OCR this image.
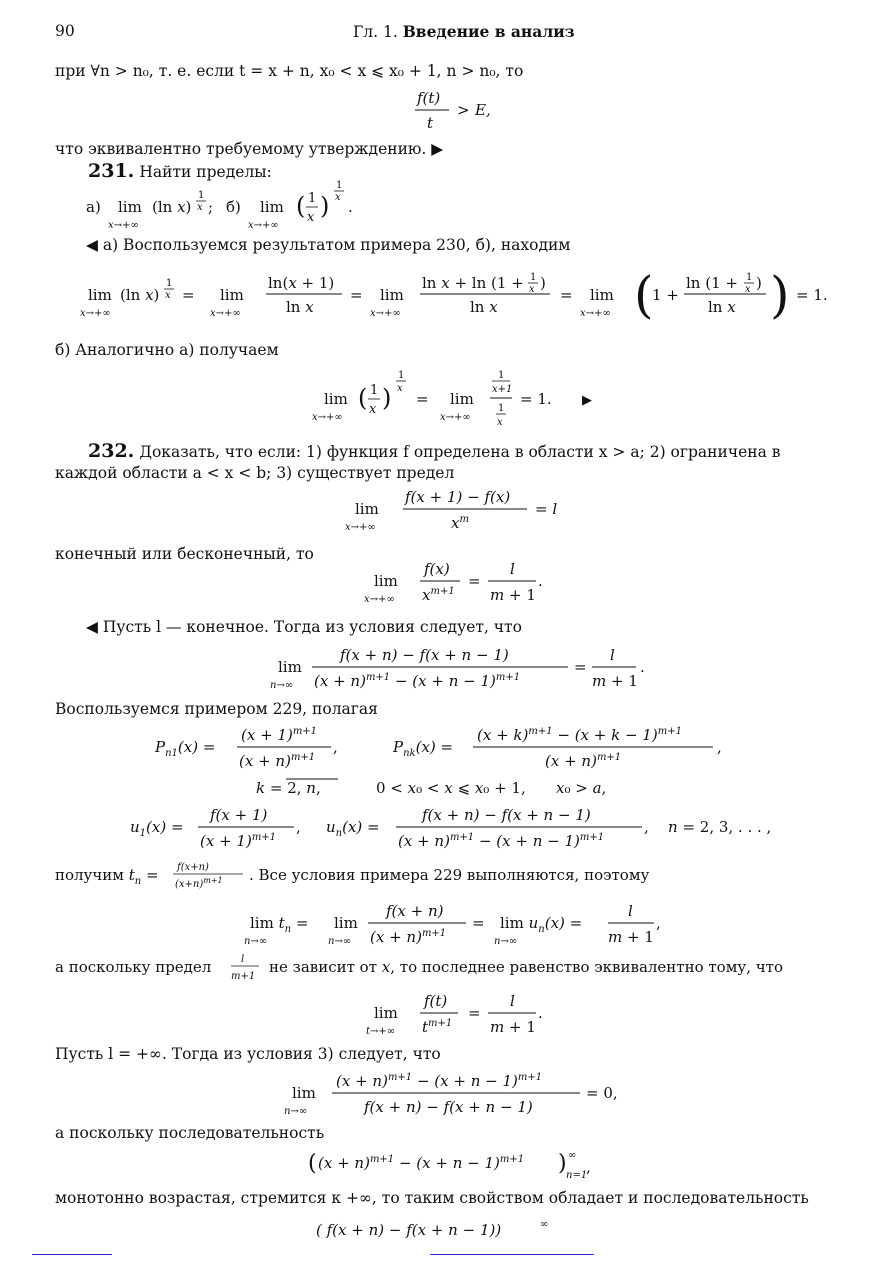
90	Гл. 1. Введение в анализ
при ∀n > n₀, т. е. если t = x + n, x₀ < x ⩽ x₀ + 1, n > n₀, то
f(t)
t
> E,
что эквивалентно требуемому утверждению. ▶
231. Найти пределы:
а) lim
x→+∞
(ln x)
1
x ; б) lim
x→+∞
( 1
x )
1
x
.
◀ а) Воспользуемся результатом примера 230, б), находим
lim
x→+∞
(ln x)
1
x = lim
x→+∞
ln(x + 1)
ln x
= lim
x→+∞
ln x + ln (1 + 1
x )
ln x
= lim
x→+∞ (
1 +
ln (1 + 1
x )
ln x ) = 1.
б) Аналогично а) получаем
lim
x→+∞
( 1
x )
1
x
= lim
x→+∞
1
x+1
1
x
= 1. ▶
232. Доказать, что если: 1) функция f определена в области x > a; 2) ограничена в
каждой области a < x < b; 3) существует предел
lim
x→+∞
f(x + 1) − f(x)
$x^m$
= l
конечный или бесконечный, то
lim
x→+∞
f(x)
$x^{m+1}$
=
l
m + 1
.
◀ Пусть l — конечное. Тогда из условия следует, что
lim
n→∞
f(x + n) − f(x + n − 1)
$(x + n)^{m+1} - (x + n - 1)^{m+1}$
=
l
m + 1
.
Воспользуемся примером 229, полагая
$P_{n1}(x)$ =
$(x + 1)^{m+1}$
$(x + n)^{m+1}$
,	$P_{nk}(x)$ =
$(x + k)^{m+1} - (x + k - 1)^{m+1}$
$(x + n)^{m+1}$
,
k = 2, n,	0 < x₀ < x ⩽ x₀ + 1, x₀ > a,
$u_1(x)$ =
f(x + 1)
$(x + 1)^{m+1}$
, $u_n(x)$ =
f(x + n) − f(x + n − 1)
$(x + n)^{m+1} - (x + n - 1)^{m+1}$
, n = 2, 3, . . . ,
получим $t_n = f(x+n)$
$(x+n)^{m+1}$ . Все условия примера 229 выполняются, поэтому
$\lim t_n$ =
n→∞
lim
n→∞
f(x + n)
$(x + n)^{m+1}$
= $\lim u_n(x)$ =
n→∞
l
m + 1
,
а поскольку предел	l
m+1
не зависит от x, то последнее равенство эквивалентно тому, что
lim
t→+∞
f(t)
$t^{m+1}$
=
l
m + 1
.
Пусть l = +∞. Тогда из условия 3) следует, что
lim
n→∞
$(x + n)^{m+1} - (x + n - 1)^{m+1}$
f(x + n) − f(x + n − 1)
= 0,
а поскольку последовательность
( $(x + n)^{m+1} - (x + n - 1)^{m+1}$ ) ∞
n=1
,
монотонно возрастая, стремится к +∞, то таким свойством обладает и последовательность
( f(x + n) − f(x + n − 1))	∞
